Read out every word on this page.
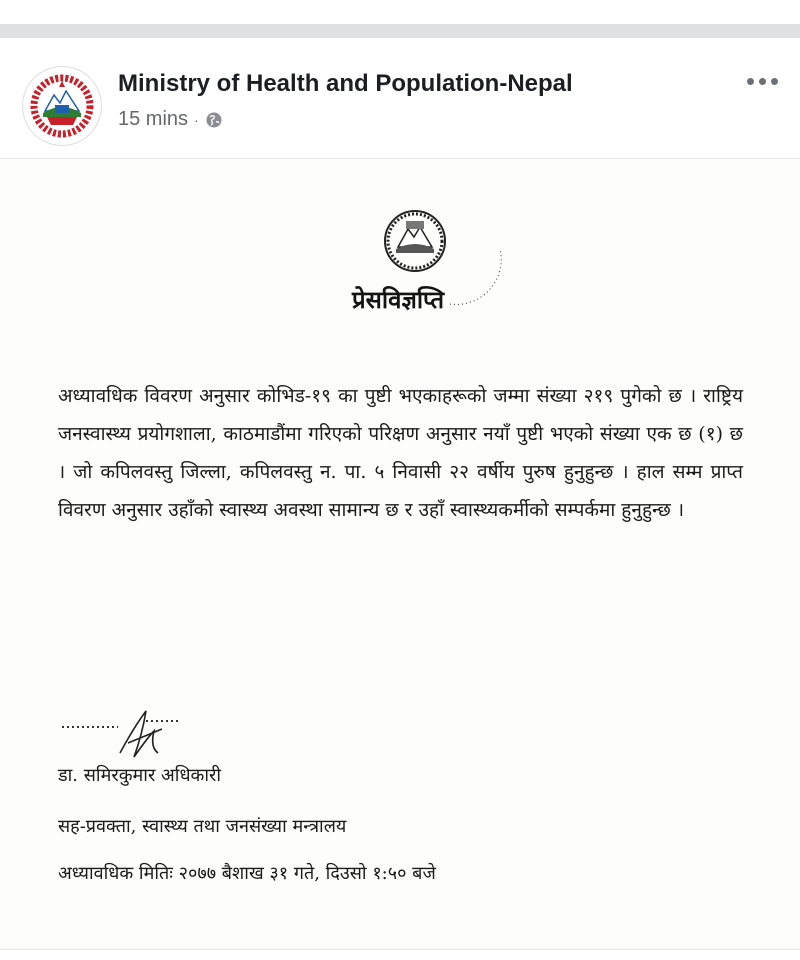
Ministry of Health and Population-Nepal
15 mins ·
प्रेसविज्ञप्ति
अध्यावधिक विवरण अनुसार कोभिड-१९ का पुष्टी भएकाहरूको जम्मा संख्या २१९ पुगेको छ । राष्ट्रिय जनस्वास्थ्य प्रयोगशाला, काठमाडौंमा गरिएको परिक्षण अनुसार नयाँ पुष्टी भएको संख्या एक छ (१) छ । जो कपिलवस्तु जिल्ला, कपिलवस्तु न. पा. ५ निवासी २२ वर्षीय पुरुष हुनुहुन्छ । हाल सम्म प्राप्त विवरण अनुसार उहाँको स्वास्थ्य अवस्था सामान्य छ र उहाँ स्वास्थ्यकर्मीको सम्पर्कमा हुनुहुन्छ ।
डा. समिरकुमार अधिकारी
सह-प्रवक्ता, स्वास्थ्य तथा जनसंख्या मन्त्रालय
अध्यावधिक मितिः २०७७ बैशाख ३१ गते, दिउसो १:५० बजे
